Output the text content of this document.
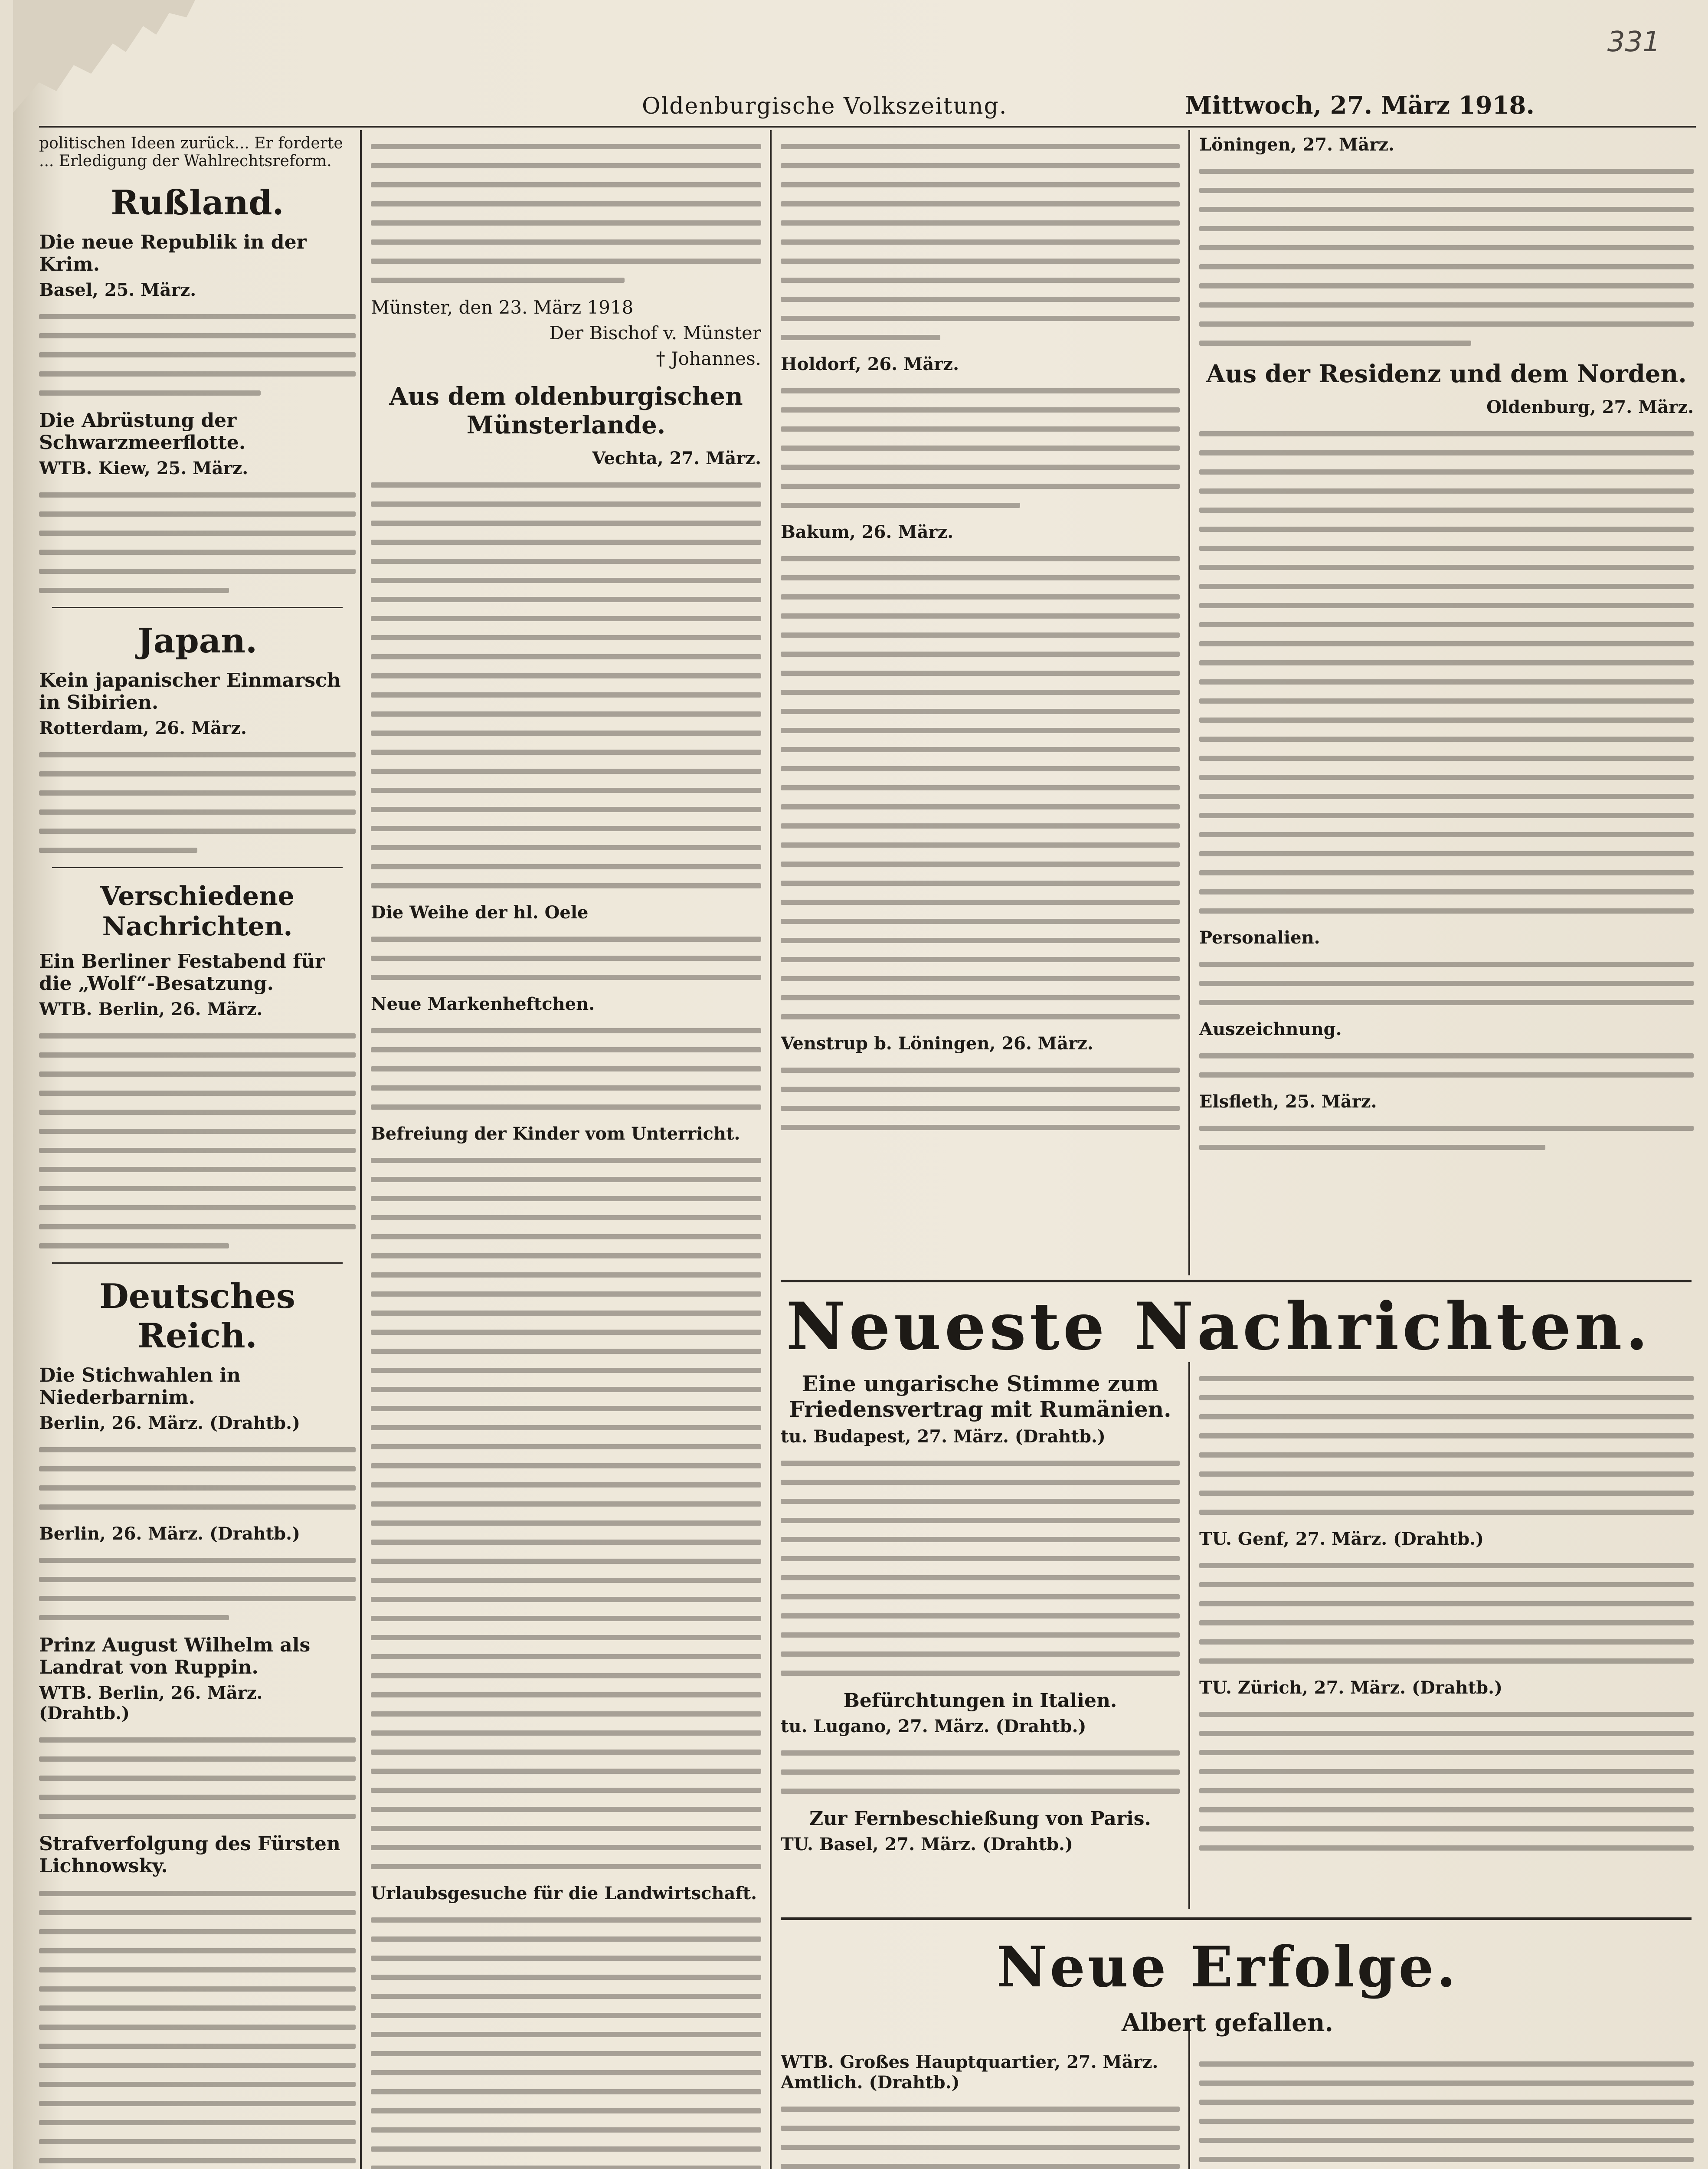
331
Oldenburgische Volkszeitung.	Mittwoch, 27. März 1918.
politischen Ideen zurück... Er forderte ... Erledigung der Wahlrechtsreform.
Rußland.
Die neue Republik in der Krim.
Basel, 25. März.
Die Abrüstung der Schwarzmeerflotte.
WTB. Kiew, 25. März.
Japan.
Kein japanischer Einmarsch in Sibirien.
Rotterdam, 26. März.
Verschiedene Nachrichten.
Ein Berliner Festabend für die „Wolf“-Besatzung.
WTB. Berlin, 26. März.
Deutsches Reich.
Die Stichwahlen in Niederbarnim.
Berlin, 26. März. (Drahtb.)
Berlin, 26. März. (Drahtb.)
Prinz August Wilhelm als Landrat von Ruppin.
WTB. Berlin, 26. März. (Drahtb.)
Strafverfolgung des Fürsten Lichnowsky.
Münster, den 23. März 1918
Der Bischof v. Münster
† Johannes.
Aus dem oldenburgischen Münsterlande.
Vechta, 27. März.
Die Weihe der hl. Oele
Neue Markenheftchen.
Befreiung der Kinder vom Unterricht.
Urlaubsgesuche für die Landwirtschaft.
Holdorf, 26. März.
Bakum, 26. März.
Venstrup b. Löningen, 26. März.
Löningen, 27. März.
Aus der Residenz und dem Norden.
Oldenburg, 27. März.
Personalien.
Auszeichnung.
Elsfleth, 25. März.
Neueste Nachrichten.
Eine ungarische Stimme zum Friedensvertrag mit Rumänien.
tu. Budapest, 27. März. (Drahtb.)
Befürchtungen in Italien.
tu. Lugano, 27. März. (Drahtb.)
Zur Fernbeschießung von Paris.
TU. Basel, 27. März. (Drahtb.)
TU. Genf, 27. März. (Drahtb.)
TU. Zürich, 27. März. (Drahtb.)
Neue Erfolge.
Albert gefallen.
WTB. Großes Hauptquartier, 27. März. Amtlich. (Drahtb.)
